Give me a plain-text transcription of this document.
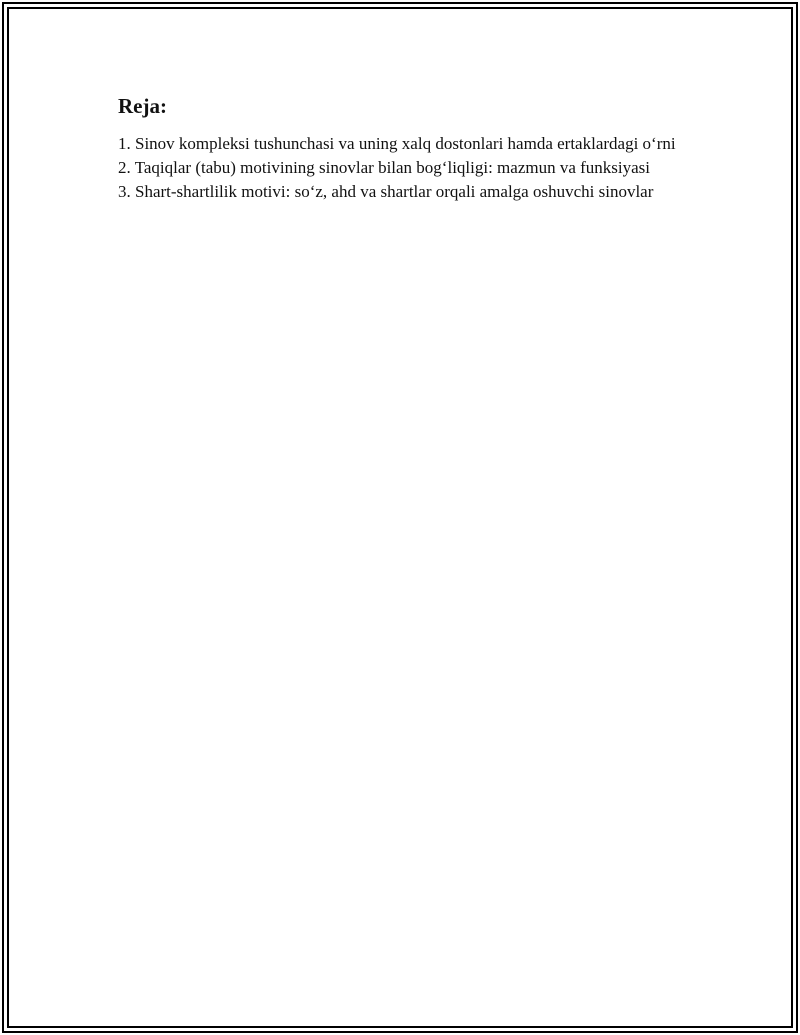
Reja:

1. Sinov kompleksi tushunchasi va uning xalq dostonlari hamda ertaklardagi o‘rni

2. Taqiqlar (tabu) motivining sinovlar bilan bog‘liqligi: mazmun va funksiyasi

3. Shart-shartlilik motivi: so‘z, ahd va shartlar orqali amalga oshuvchi sinovlar
